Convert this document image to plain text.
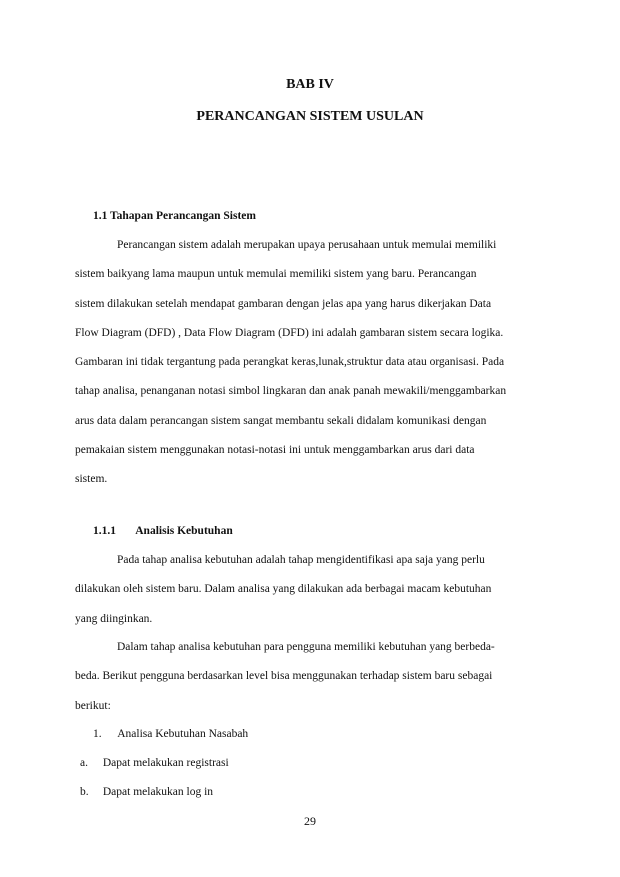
BAB IV
PERANCANGAN SISTEM USULAN
1.1 Tahapan Perancangan Sistem

Perancangan sistem adalah merupakan upaya perusahaan untuk memulai memiliki
sistem baikyang lama maupun untuk memulai memiliki sistem yang baru. Perancangan
sistem dilakukan setelah mendapat gambaran dengan jelas apa yang harus dikerjakan Data
Flow Diagram (DFD) , Data Flow Diagram (DFD) ini adalah gambaran sistem secara logika.
Gambaran ini tidak tergantung pada perangkat keras,lunak,struktur data atau organisasi. Pada
tahap analisa, penanganan notasi simbol lingkaran dan anak panah mewakili/menggambarkan
arus data dalam perancangan sistem sangat membantu sekali didalam komunikasi dengan
pemakaian sistem menggunakan notasi-notasi ini untuk menggambarkan arus dari data
sistem.

1.1.1 Analisis Kebutuhan

Pada tahap analisa kebutuhan adalah tahap mengidentifikasi apa saja yang perlu
dilakukan oleh sistem baru. Dalam analisa yang dilakukan ada berbagai macam kebutuhan
yang diinginkan.

Dalam tahap analisa kebutuhan para pengguna memiliki kebutuhan yang berbeda-
beda. Berikut pengguna berdasarkan level bisa menggunakan terhadap sistem baru sebagai
berikut:

1. Analisa Kebutuhan Nasabah
a. Dapat melakukan registrasi
b. Dapat melakukan log in
29
